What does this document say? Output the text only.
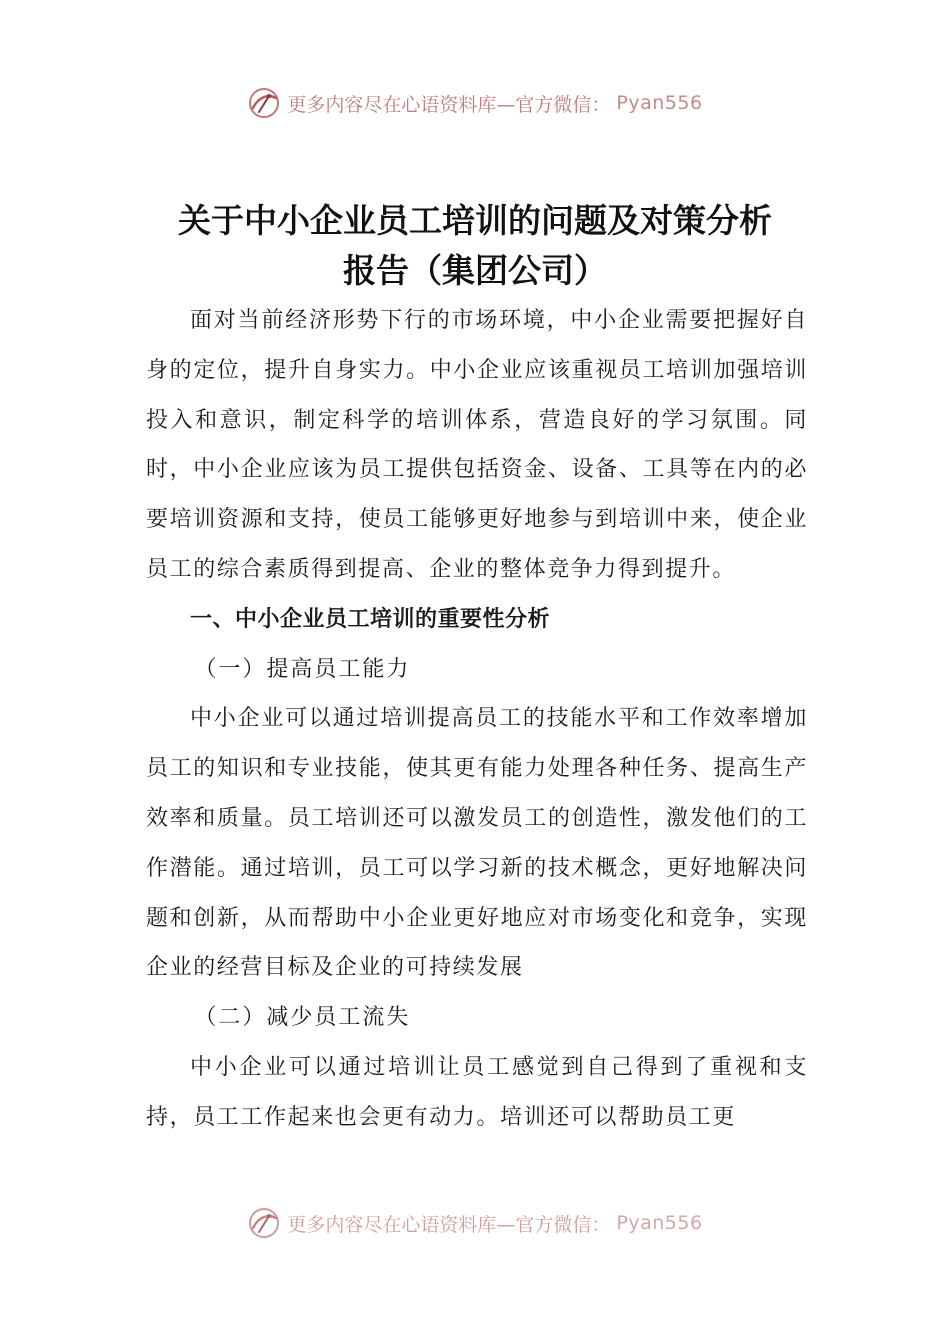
更多内容尽在心语资料库—官方微信： Pyan556
关于中小企业员工培训的问题及对策分析
报告（集团公司）

面对当前经济形势下行的市场环境，中小企业需要把握好自身的定位，提升自身实力。中小企业应该重视员工培训加强培训投入和意识，制定科学的培训体系，营造良好的学习氛围。同时，中小企业应该为员工提供包括资金、设备、工具等在内的必要培训资源和支持，使员工能够更好地参与到培训中来，使企业员工的综合素质得到提高、企业的整体竞争力得到提升。

一、中小企业员工培训的重要性分析
（一）提高员工能力

中小企业可以通过培训提高员工的技能水平和工作效率增加员工的知识和专业技能，使其更有能力处理各种任务、提高生产效率和质量。员工培训还可以激发员工的创造性，激发他们的工作潜能。通过培训，员工可以学习新的技术概念，更好地解决问题和创新，从而帮助中小企业更好地应对市场变化和竞争，实现企业的经营目标及企业的可持续发展

（二）减少员工流失

中小企业可以通过培训让员工感觉到自己得到了重视和支持，员工工作起来也会更有动力。培训还可以帮助员工更

更多内容尽在心语资料库—官方微信： Pyan556
